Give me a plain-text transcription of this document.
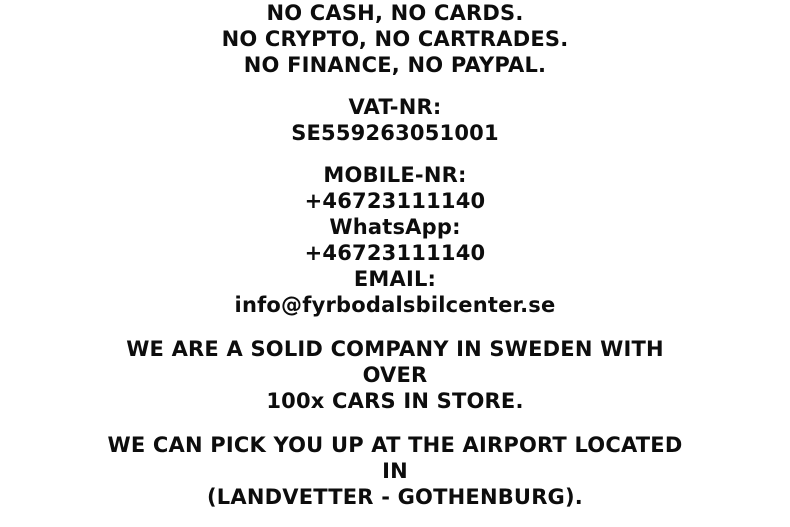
NO CASH, NO CARDS.
NO CRYPTO, NO CARTRADES.
NO FINANCE, NO PAYPAL.
VAT-NR:
SE559263051001
MOBILE-NR:
+46723111140
WhatsApp:
+46723111140
EMAIL:
info@fyrbodalsbilcenter.se
WE ARE A SOLID COMPANY IN SWEDEN WITH
OVER
100x CARS IN STORE.
WE CAN PICK YOU UP AT THE AIRPORT LOCATED
IN
(LANDVETTER - GOTHENBURG).
